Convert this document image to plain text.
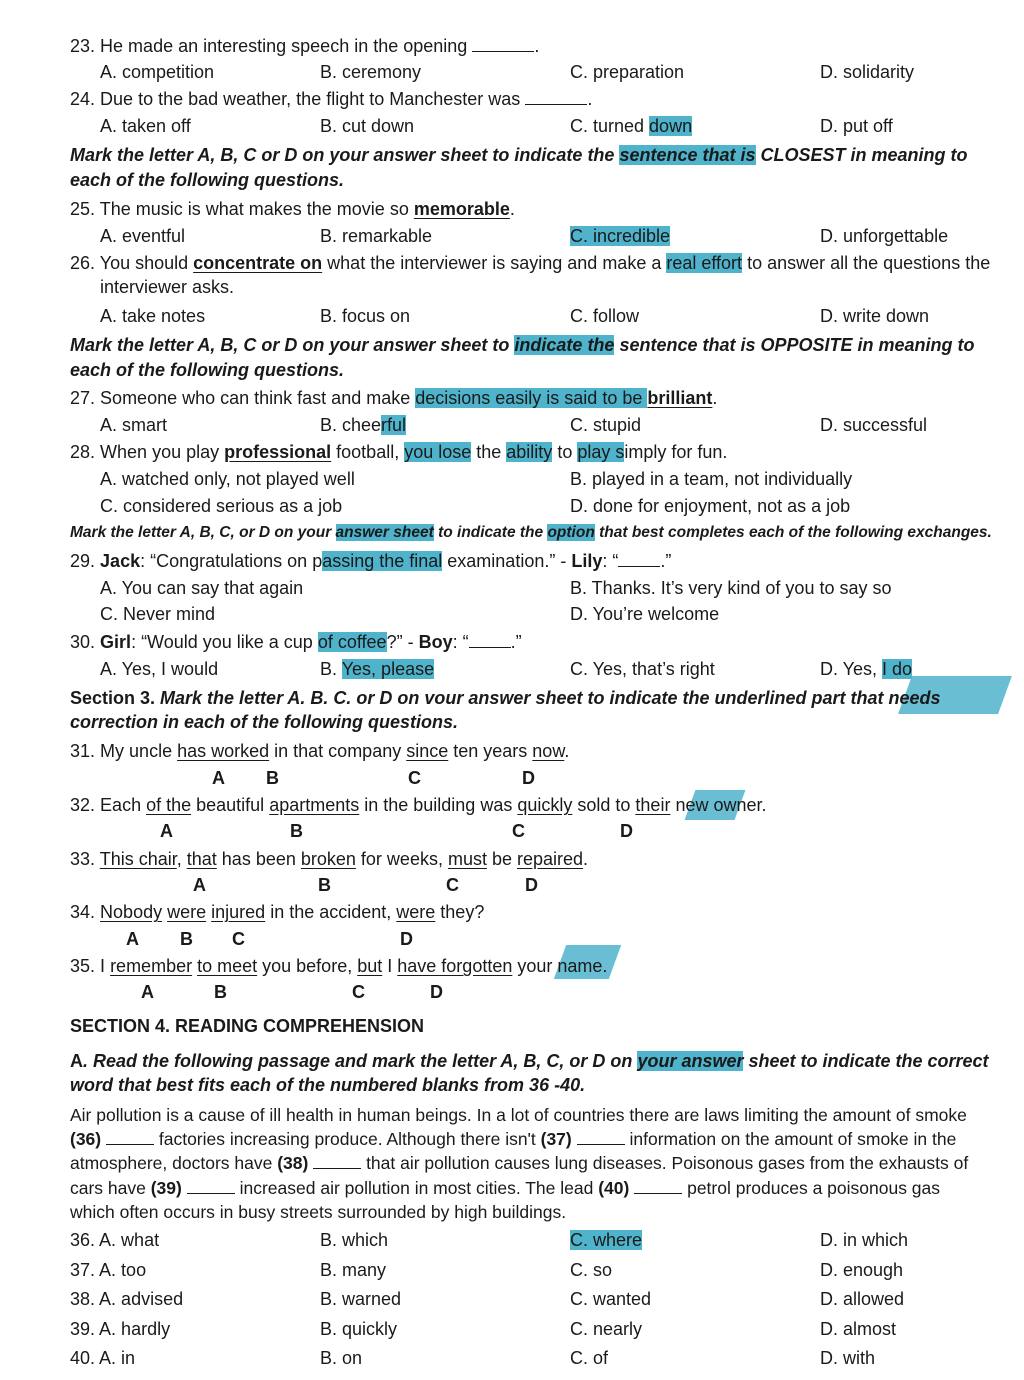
23. He made an interesting speech in the opening	.
A. competition	B. ceremony	C. preparation	D. solidarity
24. Due to the bad weather, the flight to Manchester was	.
A. taken off	B. cut down	C. turned down	D. put off
Mark the letter A, B, C or D on your answer sheet to indicate the sentence that is CLOSEST in meaning to
each of the following questions.
25. The music is what makes the movie so memorable.
A. eventful	B. remarkable	C. incredible	D. unforgettable
26. You should concentrate on what the interviewer is saying and make a real effort to answer all the questions the
interviewer asks.
A. take notes	B. focus on	C. follow	D. write down
Mark the letter A, B, C or D on your answer sheet to indicate the sentence that is OPPOSITE in meaning to
each of the following questions.
27. Someone who can think fast and make decisions easily is said to be brilliant.
A. smart	B. cheerful	C. stupid	D. successful
28. When you play professional football, you lose the ability to play simply for fun.
A. watched only, not played well	B. played in a team, not individually
C. considered serious as a job	D. done for enjoyment, not as a job
Mark the letter A, B, C, or D on your answer sheet to indicate the option that best completes each of the following exchanges.
29. Jack: “Congratulations on passing the final examination.” - Lily: “ .”
A. You can say that again	B. Thanks. It’s very kind of you to say so
C. Never mind	D. You’re welcome
30. Girl: “Would you like a cup of coffee?” - Boy: “ .”
A. Yes, I would	B. Yes, please	C. Yes, that’s right	D. Yes, I do
Section 3. Mark the letter A. B. C. or D on vour answer sheet to indicate the underlined part that needs
correction in each of the following questions.
31. My uncle has worked in that company since ten years now.
A B	C	D
32. Each of the beautiful apartments in the building was quickly sold to their new owner.
A	B	C	D
33. This chair, that has been broken for weeks, must be repaired.
A	B	C	D
34. Nobody were injured in the accident, were they?
A B C	D
35. I remember to meet you before, but I have forgotten your name.
A	B	C	D
SECTION 4. READING COMPREHENSION
A. Read the following passage and mark the letter A, B, C, or D on your answer sheet to indicate the correct
word that best fits each of the numbered blanks from 36 -40.
Air pollution is a cause of ill health in human beings. In a lot of countries there are laws limiting the amount of smoke
(36)	factories increasing produce. Although there isn't (37)	information on the amount of smoke in the
atmosphere, doctors have (38)	that air pollution causes lung diseases. Poisonous gases from the exhausts of
cars have (39)	increased air pollution in most cities. The lead (40)	petrol produces a poisonous gas
which often occurs in busy streets surrounded by high buildings.
36. A. what	B. which	C. where	D. in which
37. A. too	B. many	C. so	D. enough
38. A. advised	B. warned	C. wanted	D. allowed
39. A. hardly	B. quickly	C. nearly	D. almost
40. A. in	B. on	C. of	D. with
